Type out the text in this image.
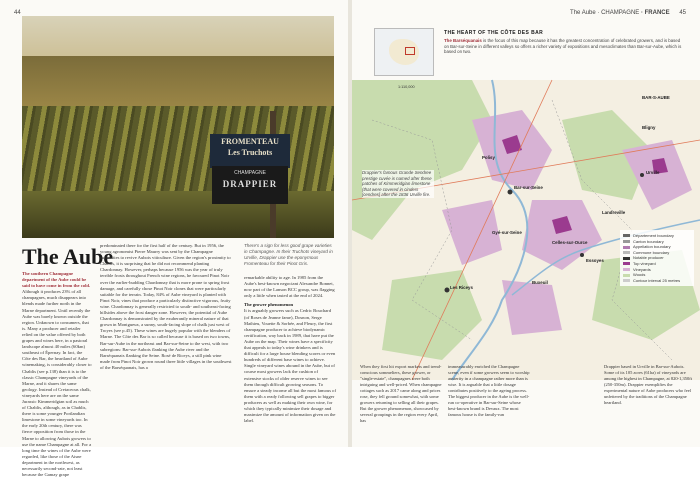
44
FROMENTEAU
Les Truchots
CHAMPAGNE
DRAPPIER
The Aube
The southern Champagne department of the Aube could be said to have come in from the cold. Although it produces 23% of all champagnes, much disappears into blends made further north in the Marne department. Until recently the Aube was barely known outside the region. Unknown to consumers, that is. Many a producer and retailer relied on the value offered by both grapes and wines here, in a pastoral landscape almost 40 miles (60km) southeast of Épernay. In fact, the Côte des Bar, the heartland of Aube winemaking, is considerably closer to Chablis (see p.138) than it is to the classic Champagne vineyards of the Marne, and it shares the same geology. Instead of Cretaceous chalk, vineyards here are on the same Jurassic Kimmeridgian soil as much of Chablis, although, as in Chablis, there is some younger Portlandian limestone in some vineyards too. In the early 20th century, there was fierce opposition from those in the Marne to allowing Aubois growers to use the name Champagne at all. For a long time the wines of the Aube were regarded, like those of the Aisne department in the northwest, as necessarily second-rate, not least because the Gamay grape
predominated there for the first half of the century. But in 1956, the young agronomist Pierre Maurry was sent by the Champagne authorities to revive Aubois viticulture. Given the region's proximity to Chablis, it is surprising that he did not recommend planting Chardonnay. However, perhaps because 1956 was the year of truly terrible frosts throughout French wine regions, he favoured Pinot Noir over the earlier-budding Chardonnay that is more prone to spring frost damage, and carefully chose Pinot Noir clones that were particularly suitable for the terrain. Today, 84% of Aube vineyard is planted with Pinot Noir, vines that produce a particularly distinctive vigorous, fruity wine. Chardonnay is generally restricted to south- and southeast-facing hillsides above the frost danger zone. However, the potential of Aube Chardonnay is demonstrated by the exuberantly mineral nature of that grown in Montgueux, a sunny, south-facing slope of chalk just west of Troyes (see p.45). These wines are hugely popular with the blenders of Marne. The Côte des Bar is so called because it is based on two towns, Bar-sur-Aube in the northeast and Bar-sur-Seine to the west, with two subregions: Bar-sur-Aubois flanking the Aube river and the Barséquanais flanking the Seine. Rosé de Riceys, a still pink wine made from Pinot Noir grown round three little villages in the southwest of the Barséquanais, has a
There's a sign for less good grape varieties in Champagne. In their Truchots vineyard in Urville, Drappier use the eponymous Fromenteau for their Pinot Gris.
remarkable ability to age. In 1985 from the Aube's best-known negociant Alexandre Bonnet, now part of the Lanson BCC group, was flagging only a little when tasted at the end of 2024.
The grower phenomenon
It is arguably growers such as Cedric Bouchard (of Roses de Jeanne fame), Dosnon, Serge Mathieu, Vouette & Sorbée, and Fleury, the first champagne producer to achieve biodynamic certification, way back in 1989, that have put the Aube on the map. Their wines have a specificity that appeals to today's wine drinkers and is difficult for a large house blending scores or even hundreds of different base wines to achieve. Single vineyard wines abound in the Aube, but of course most growers lack the cushion of extensive stocks of older reserve wines to see them through difficult growing seasons. To ensure a steady income all but the most famous of them with a ready following sell grapes to bigger producers as well as making their own wine, for which they typically minimize their dosage and maximize the amount of information given on the label.
The Aube · CHAMPAGNE · FRANCE 45
THE HEART OF THE CÔTE DES BAR
The Barséquanais is the focus of this map because it has the greatest concentration of celebrated growers, and is based on Bar-sur-Seine in different valleys so offers a richer variety of expositions and mesoclimates than Bar-sur-Aube, which is based on two.
Bar-sur-Seine
Celles-sur-Ource
Landreville
Les Riceys
Essoyes
Gyé-sur-Seine
Polisy
Buxeuil
Urville
Bligny
BAR-S-AUBE
Drappier's famous Grande Sendree prestige cuvée is named after these patches of Kimmeridgian limestone (that were covered in cinders [cendres] after the 1836 Urville fire.
Département boundary
Canton boundary
Appellation boundary
Commune boundary
Notable producer
Top vineyard
Vineyards
Woods
Contour interval 25 metres
1:110,000
When they first hit export markets and trend-conscious sommeliers, these grower, or "single-estate", champagnes were both intriguing and well-priced. When champagne cottages such as 2017 came along and prices rose, they fell ground somewhat, with some growers returning to selling all their grapes. But the grower phenomenon, showcased by several groupings in the region every April, has
immeasurably enriched the Champagne scene, even if some growers seem to worship austerity in a champagne rather more than is wise. It is arguable that a little dosage contributes positively to the ageing process. The biggest producer in the Aube is the well-run co-operative in Bar-sur-Seine whose best-known brand is Devaux. The most famous house is the family-run
Drappier based in Urville in Bar-sur-Aubois. Some of its 105 acres (61ha) of vineyards are among the highest in Champagne, at 820-1,350ft (250-350m). Drappier exemplifies the experimental nature of Aube producers who feel unfettered by the traditions of the Champagne heartland.
